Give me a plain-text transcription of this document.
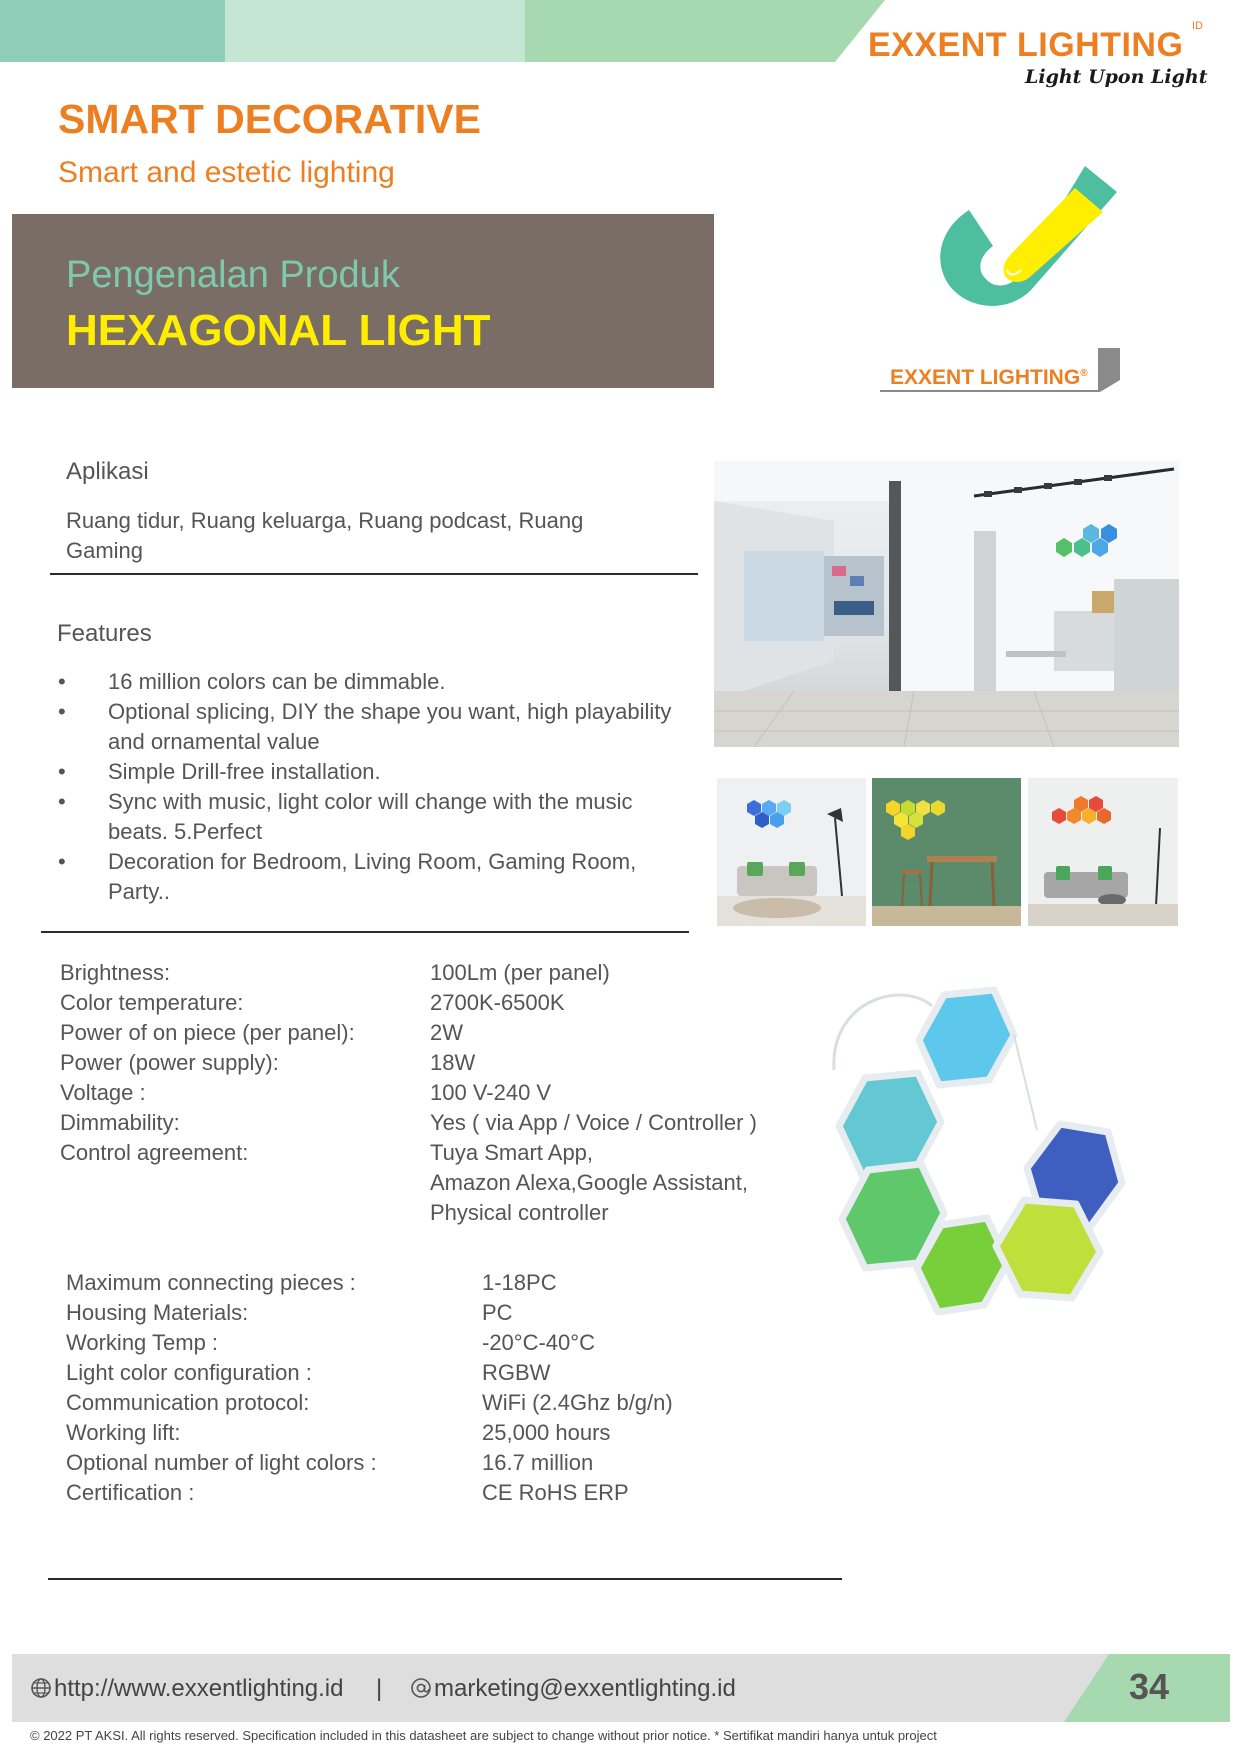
EXXENT LIGHTING ID
Light Upon Light
SMART DECORATIVE
Smart and estetic lighting
Pengenalan Produk
HEXAGONAL LIGHT
EXXENT LIGHTING®
Aplikasi
Ruang tidur, Ruang keluarga, Ruang podcast, Ruang Gaming
Features
• 16 million colors can be dimmable.
• Optional splicing, DIY the shape you want, high playability and ornamental value
• Simple Drill-free installation.
• Sync with music, light color will change with the music beats. 5.Perfect
• Decoration for Bedroom, Living Room, Gaming Room, Party..
Brightness:
Color temperature:
Power of on piece (per panel):
Power (power supply):
Voltage :
Dimmability:
Control agreement:
100Lm (per panel)
2700K-6500K
2W
18W
100 V-240 V
Yes ( via App / Voice / Controller )
Tuya Smart App,
Amazon Alexa,Google Assistant,
Physical controller
Maximum connecting pieces :
Housing Materials:
Working Temp :
Light color configuration :
Communication protocol:
Working lift:
Optional number of light colors :
Certification :
1-18PC
PC
-20°C-40°C
RGBW
WiFi (2.4Ghz b/g/n)
25,000 hours
16.7 million
CE RoHS ERP
34
http://www.exxentlighting.id |	marketing@exxentlighting.id
© 2022 PT AKSI. All rights reserved. Specification included in this datasheet are subject to change without prior notice. * Sertifikat mandiri hanya untuk project
